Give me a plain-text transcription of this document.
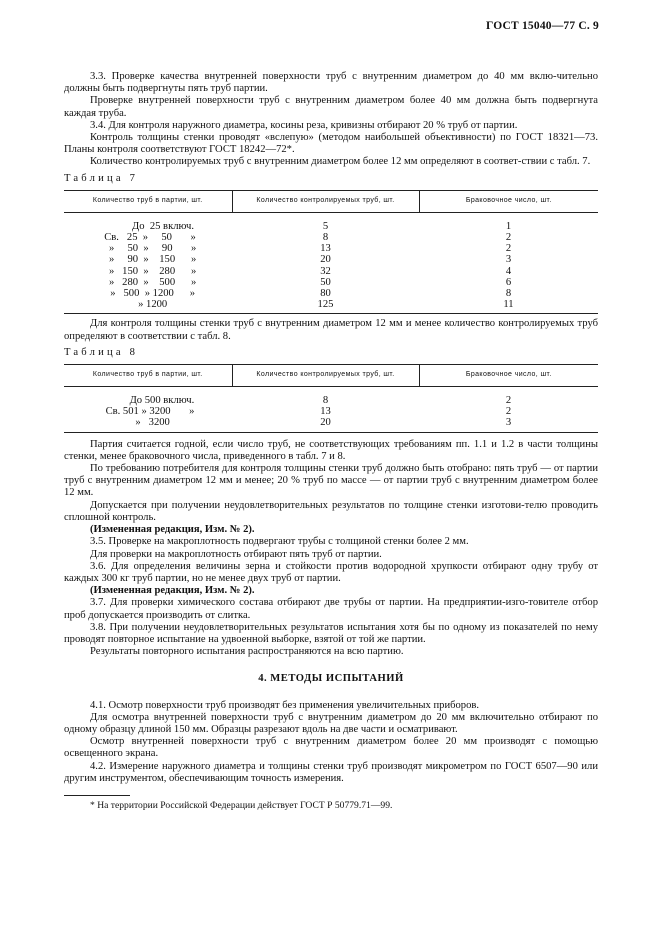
ГОСТ 15040—77 С. 9

3.3. Проверке качества внутренней поверхности труб с внутренним диаметром до 40 мм вклю-чительно должны быть подвергнуты пять труб партии.

Проверке внутренней поверхности труб с внутренним диаметром более 40 мм должна быть подвергнута каждая труба.

3.4. Для контроля наружного диаметра, косины реза, кривизны отбирают 20 % труб от партии.

Контроль толщины стенки проводят «вслепую» (методом наибольшей объективности) по ГОСТ 18321—73. Планы контроля соответствуют ГОСТ 18242—72*.

Количество контролируемых труб с внутренним диаметром более 12 мм определяют в соответ-ствии с табл. 7.

Таблица 7

Количество труб в партии, шт.	Количество контролируемых труб, шт.	Браковочное число, шт.
До  25 включ.	5	1
Св.   25  »     50       »	8	2
»     50  »     90       »	13	2
»     90  »    150      »	20	3
»   150  »    280      »	32	4
»   280  »    500      »	50	6
»   500  » 1200      »	80	8
» 1200	125	11

Для контроля толщины стенки труб с внутренним диаметром 12 мм и менее количество контролируемых труб определяют в соответствии с табл. 8.

Таблица 8

Количество труб в партии, шт.	Количество контролируемых труб, шт.	Браковочное число, шт.
До 500 включ.	8	2
Св. 501 » 3200       »	13	2
»   3200	20	3

Партия считается годной, если число труб, не соответствующих требованиям пп. 1.1 и 1.2 в части толщины стенки, менее браковочного числа, приведенного в табл. 7 и 8.

По требованию потребителя для контроля толщины стенки труб должно быть отобрано: пять труб — от партии труб с внутренним диаметром 12 мм и менее; 20 % труб по массе — от партии труб с внутренним диаметром более 12 мм.

Допускается при получении неудовлетворительных результатов по толщине стенки изготови-телю проводить сплошной контроль.

(Измененная редакция, Изм. № 2).

3.5. Проверке на макроплотность подвергают трубы с толщиной стенки более 2 мм.

Для проверки на макроплотность отбирают пять труб от партии.

3.6. Для определения величины зерна и стойкости против водородной хрупкости отбирают одну трубу от каждых 300 кг труб партии, но не менее двух труб от партии.

(Измененная редакция, Изм. № 2).

3.7. Для проверки химического состава отбирают две трубы от партии. На предприятии-изго-товителе отбор проб допускается производить от слитка.

3.8. При получении неудовлетворительных результатов испытания хотя бы по одному из показателей по нему проводят повторное испытание на удвоенной выборке, взятой от той же партии.

Результаты повторного испытания распространяются на всю партию.

4. МЕТОДЫ ИСПЫТАНИЙ

4.1. Осмотр поверхности труб производят без применения увеличительных приборов.

Для осмотра внутренней поверхности труб с внутренним диаметром до 20 мм включительно отбирают по одному образцу длиной 150 мм. Образцы разрезают вдоль на две части и осматривают.

Осмотр внутренней поверхности труб с внутренним диаметром более 20 мм производят с помощью освещенного экрана.

4.2. Измерение наружного диаметра и толщины стенки труб производят микрометром по ГОСТ 6507—90 или другим инструментом, обеспечивающим точность измерения.

* На территории Российской Федерации действует ГОСТ Р 50779.71—99.
